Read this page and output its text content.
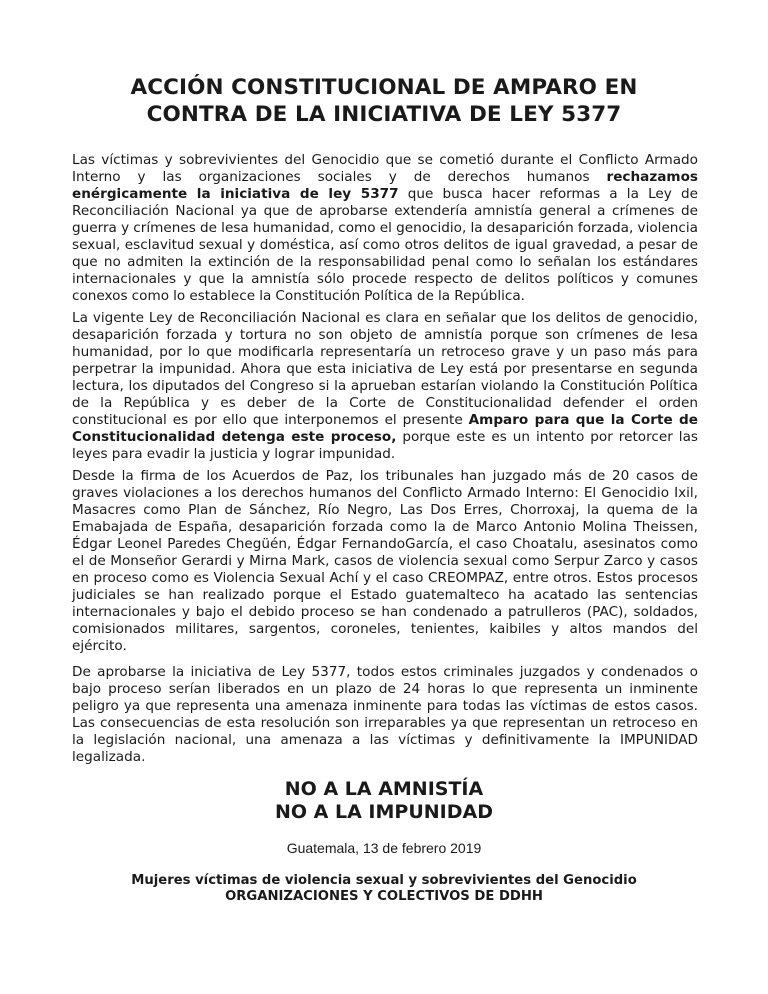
ACCIÓN CONSTITUCIONAL DE AMPARO EN
CONTRA DE LA INICIATIVA DE LEY 5377
Las víctimas y sobrevivientes del Genocidio que se cometió durante el Conflicto Armado Interno y las organizaciones sociales y de derechos humanos rechazamos enérgicamente la iniciativa de ley 5377 que busca hacer reformas a la Ley de Reconciliación Nacional ya que de aprobarse extendería amnistía general a crímenes de guerra y crímenes de lesa humanidad, como el genocidio, la desaparición forzada, violencia sexual, esclavitud sexual y doméstica, así como otros delitos de igual gravedad, a pesar de que no admiten la extinción de la responsabilidad penal como lo señalan los estándares internacionales y que la amnistía sólo procede respecto de delitos políticos y comunes conexos como lo establece la Constitución Política de la República.
La vigente Ley de Reconciliación Nacional es clara en señalar que los delitos de genocidio, desaparición forzada y tortura no son objeto de amnistía porque son crímenes de lesa humanidad, por lo que modificarla representaría un retroceso grave y un paso más para perpetrar la impunidad. Ahora que esta iniciativa de Ley está por presentarse en segunda lectura, los diputados del Congreso si la aprueban estarían violando la Constitución Política de la República y es deber de la Corte de Constitucionalidad defender el orden constitucional es por ello que interponemos el presente Amparo para que la Corte de Constitucionalidad detenga este proceso, porque este es un intento por retorcer las leyes para evadir la justicia y lograr impunidad.
Desde la firma de los Acuerdos de Paz, los tribunales han juzgado más de 20 casos de graves violaciones a los derechos humanos del Conflicto Armado Interno: El Genocidio Ixil, Masacres como Plan de Sánchez, Río Negro, Las Dos Erres, Chorroxaj, la quema de la Emabajada de España, desaparición forzada como la de Marco Antonio Molina Theissen, Édgar Leonel Paredes Chegüén, Édgar FernandoGarcía, el caso Choatalu, asesinatos como el de Monseñor Gerardi y Mirna Mark, casos de violencia sexual como Serpur Zarco y casos en proceso como es Violencia Sexual Achí y el caso CREOMPAZ, entre otros. Estos procesos judiciales se han realizado porque el Estado guatemalteco ha acatado las sentencias internacionales y bajo el debido proceso se han condenado a patrulleros (PAC), soldados, comisionados militares, sargentos, coroneles, tenientes, kaibiles y altos mandos del ejército.
De aprobarse la iniciativa de Ley 5377, todos estos criminales juzgados y condenados o bajo proceso serían liberados en un plazo de 24 horas lo que representa un inminente peligro ya que representa una amenaza inminente para todas las víctimas de estos casos. Las consecuencias de esta resolución son irreparables ya que representan un retroceso en la legislación nacional, una amenaza a las víctimas y definitivamente la IMPUNIDAD legalizada.
NO A LA AMNISTÍA
NO A LA IMPUNIDAD
Guatemala, 13 de febrero 2019
Mujeres víctimas de violencia sexual y sobrevivientes del Genocidio
ORGANIZACIONES Y COLECTIVOS DE DDHH
